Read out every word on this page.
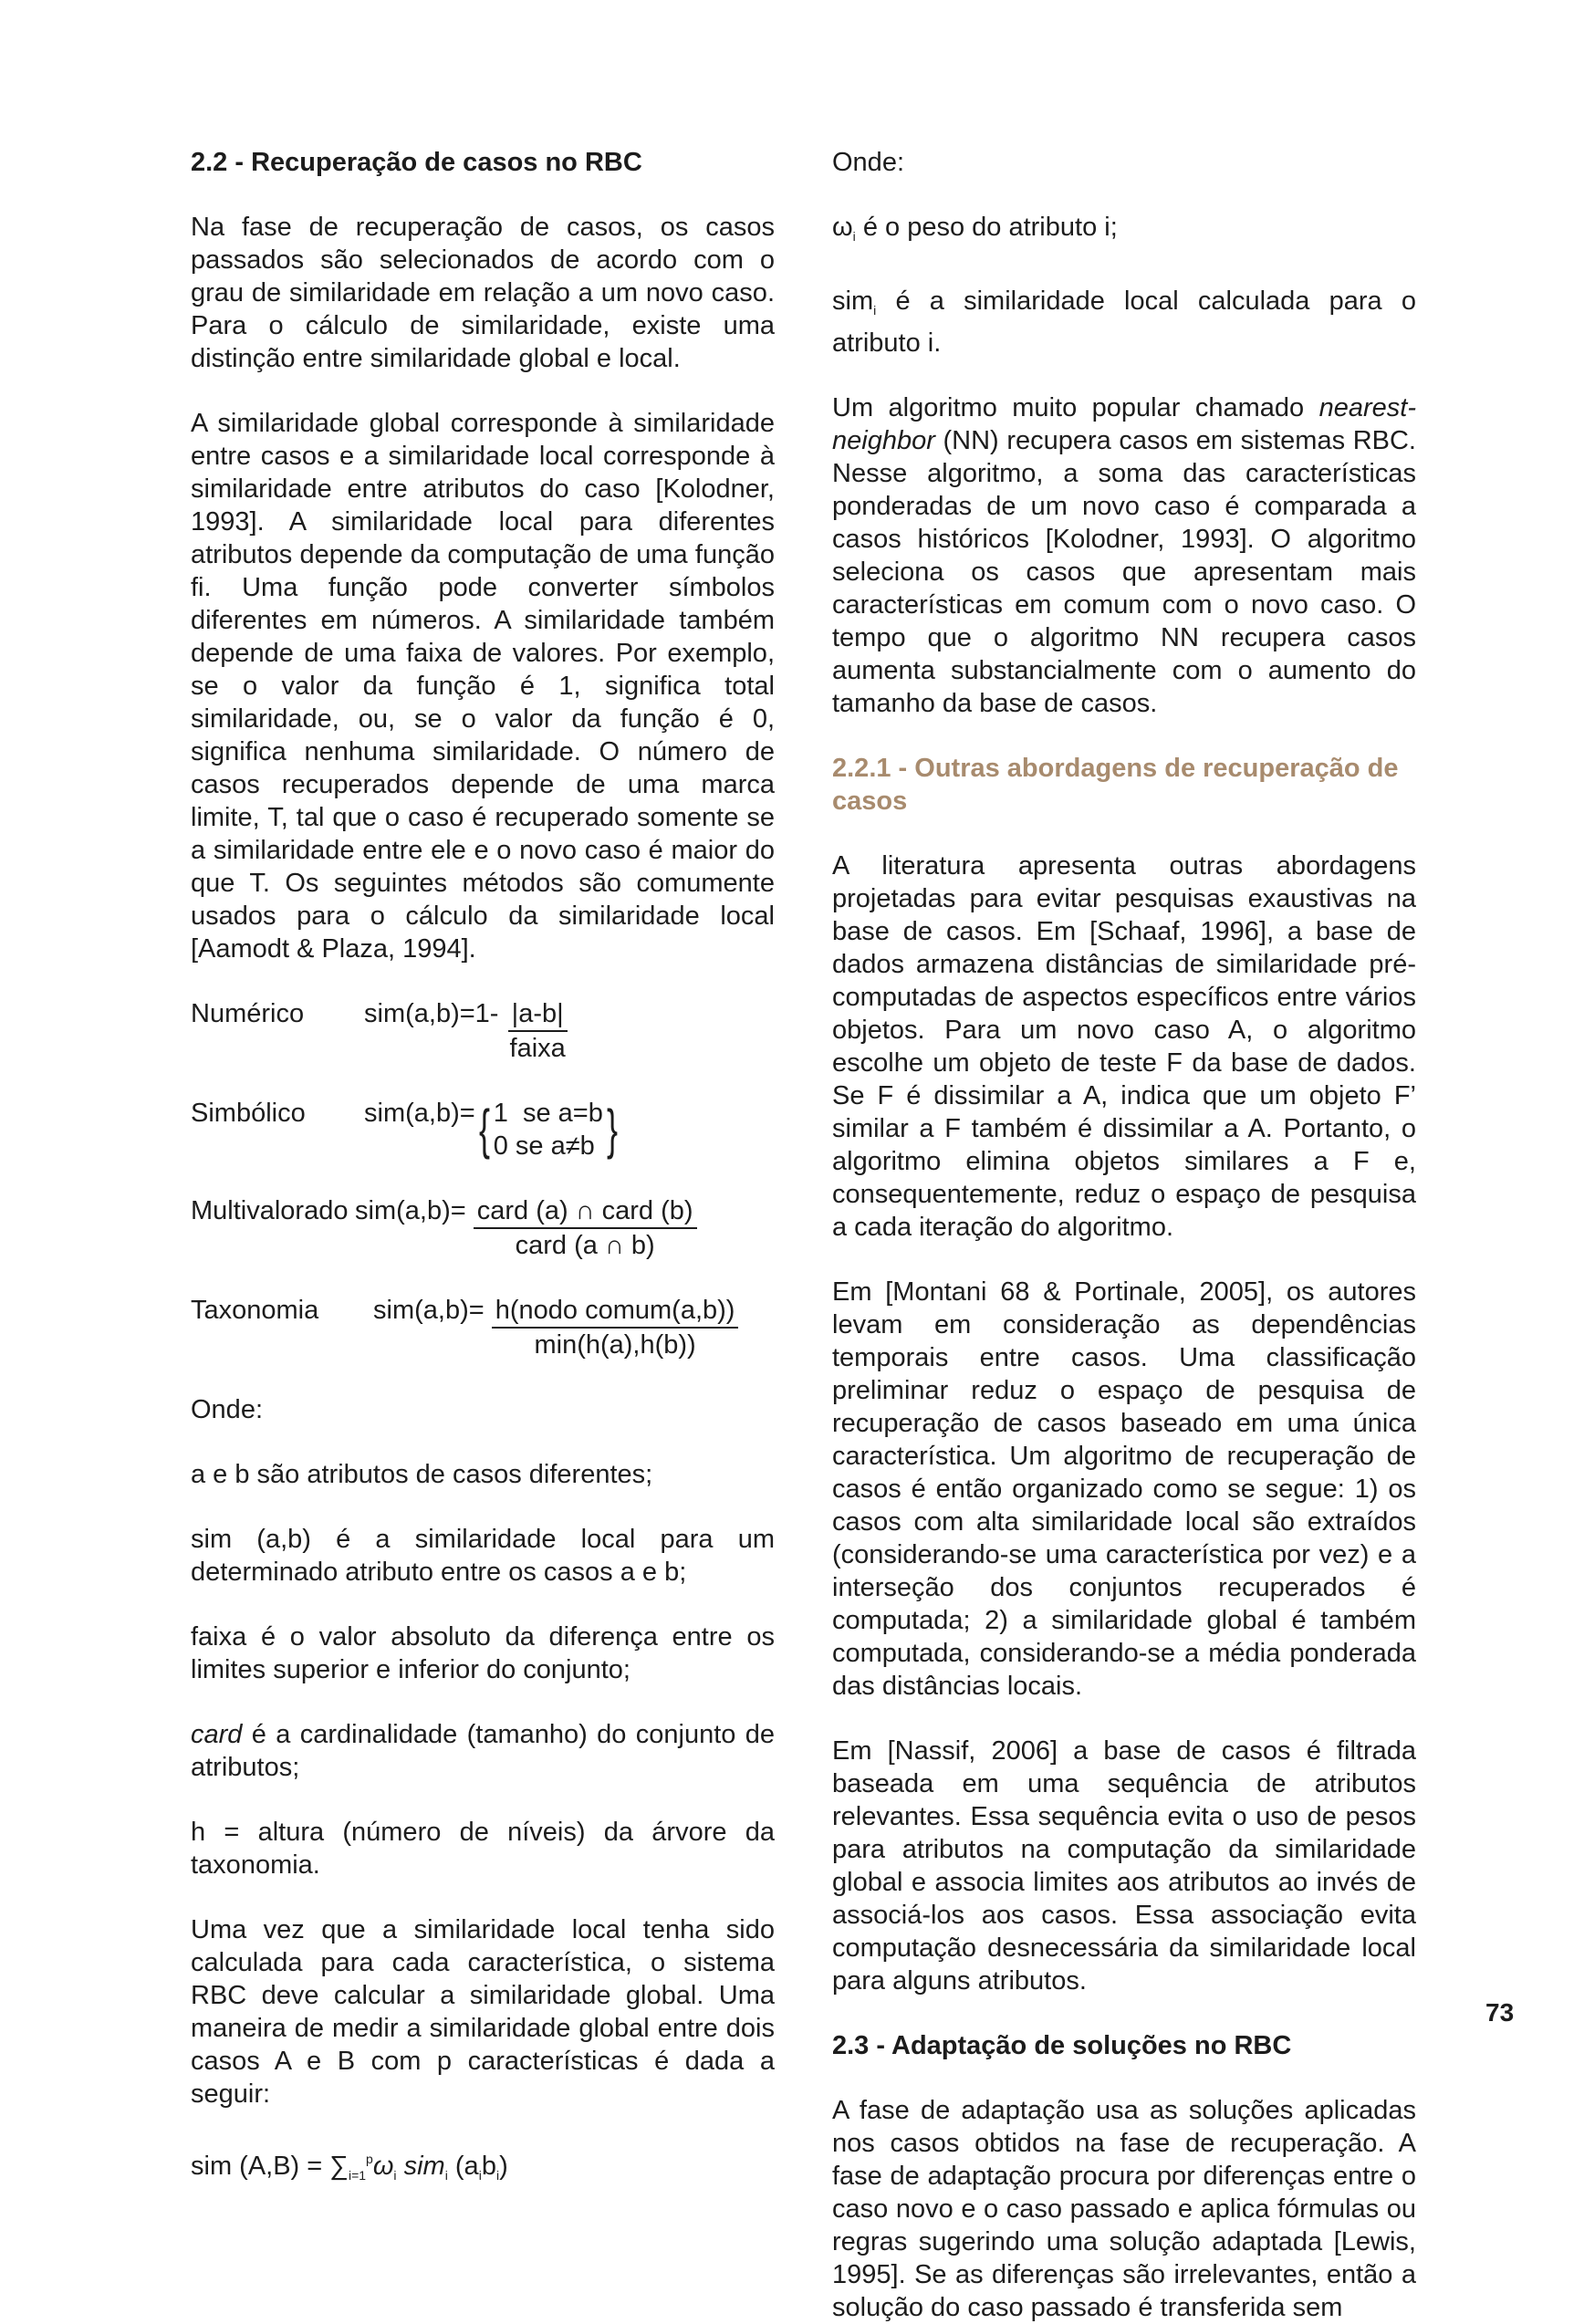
2.2 - Recuperação de casos no RBC

Na fase de recuperação de casos, os casos passados são selecionados de acordo com o grau de similaridade em relação a um novo caso. Para o cálculo de similaridade, existe uma distinção entre similaridade global e local.

A similaridade global corresponde à similaridade entre casos e a similaridade local corresponde à similaridade entre atributos do caso [Kolodner, 1993]. A similaridade local para diferentes atributos depende da computação de uma função fi. Uma função pode converter símbolos diferentes em números. A similaridade também depende de uma faixa de valores. Por exemplo, se o valor da função é 1, significa total similaridade, ou, se o valor da função é 0, significa nenhuma similaridade. O número de casos recuperados depende de uma marca limite, T, tal que o caso é recuperado somente se a similaridade entre ele e o novo caso é maior do que T. Os seguintes métodos são comumente usados para o cálculo da similaridade local [Aamodt & Plaza, 1994].

Numérico	$sim(a,b)=1- \frac{|a-b|}{\text{faixa}}$
Simbólico	sim(a,b)= { 1  se a=b
0 se a≠b }
Multivalorado $sim(a,b)= \frac{\text{card (a) ∩ card (b)}}{\text{card (a ∩ b)}}$
Taxonomia	$sim(a,b)= \frac{\text{h(nodo comum(a,b))}}{\min(h(a),h(b))}$

Onde:

a e b são atributos de casos diferentes;

sim (a,b) é a similaridade local para um determinado atributo entre os casos a e b;

faixa é o valor absoluto da diferença entre os limites superior e inferior do conjunto;

card é a cardinalidade (tamanho) do conjunto de atributos;

h = altura (número de níveis) da árvore da taxonomia.

Uma vez que a similaridade local tenha sido calculada para cada característica, o sistema RBC deve calcular a similaridade global. Uma maneira de medir a similaridade global entre dois casos A e B com p características é dada a seguir:

sim $(A,B) = \sum_{i=1}^p\omega_i$ sim$_i$ $(a_ib_i)$

Onde:

$\omega_i$ é o peso do atributo i;

sim$_i$ é a similaridade local calculada para o atributo i.

Um algoritmo muito popular chamado nearest-neighbor (NN) recupera casos em sistemas RBC. Nesse algoritmo, a soma das características ponderadas de um novo caso é comparada a casos históricos [Kolodner, 1993]. O algoritmo seleciona os casos que apresentam mais características em comum com o novo caso. O tempo que o algoritmo NN recupera casos aumenta substancialmente com o aumento do tamanho da base de casos.

2.2.1 - Outras abordagens de recuperação de casos

A literatura apresenta outras abordagens projetadas para evitar pesquisas exaustivas na base de casos. Em [Schaaf, 1996], a base de dados armazena distâncias de similaridade pré-computadas de aspectos específicos entre vários objetos. Para um novo caso A, o algoritmo escolhe um objeto de teste F da base de dados. Se F é dissimilar a A, indica que um objeto F’ similar a F também é dissimilar a A. Portanto, o algoritmo elimina objetos similares a F e, consequentemente, reduz o espaço de pesquisa a cada iteração do algoritmo.

Em [Montani 68 & Portinale, 2005], os autores levam em consideração as dependências temporais entre casos. Uma classificação preliminar reduz o espaço de pesquisa de recuperação de casos baseado em uma única característica. Um algoritmo de recuperação de casos é então organizado como se segue: 1) os casos com alta similaridade local são extraídos (considerando-se uma característica por vez) e a interseção dos conjuntos recuperados é computada; 2) a similaridade global é também computada, considerando-se a média ponderada das distâncias locais.

Em [Nassif, 2006] a base de casos é filtrada baseada em uma sequência de atributos relevantes. Essa sequência evita o uso de pesos para atributos na computação da similaridade global e associa limites aos atributos ao invés de associá-los aos casos. Essa associação evita computação desnecessária da similaridade local para alguns atributos.

2.3 - Adaptação de soluções no RBC

A fase de adaptação usa as soluções aplicadas nos casos obtidos na fase de recuperação. A fase de adaptação procura por diferenças entre o caso novo e o caso passado e aplica fórmulas ou regras sugerindo uma solução adaptada [Lewis, 1995]. Se as diferenças são irrelevantes, então a solução do caso passado é transferida sem

73
